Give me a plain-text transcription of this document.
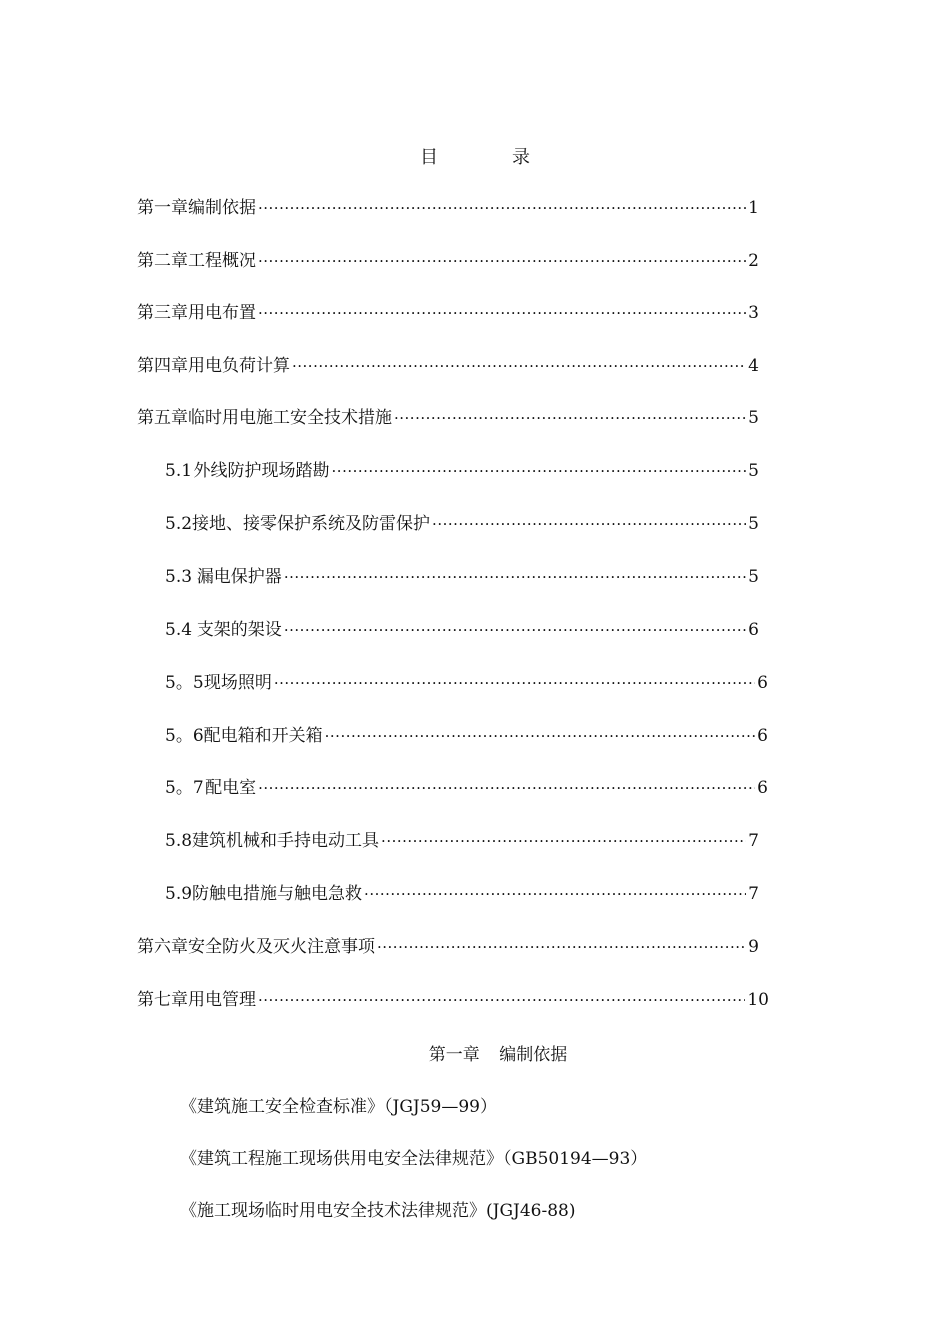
目　录
第一章 编制依据 ·····	1
第二章 工程概况 ·····	2
第三章 用电布置 ·····	3
第四章 用电负荷计算 ·····	4
第五章 临时用电施工安全技术措施 ·····	5
5.1 外线防护现场踏勘 ·····	5
5.2 接地、接零保护系统及防雷保护 ·····	5
5.3 漏电保护器 ·····	5
5.4 支架的架设 ·····	6
5。5 现场照明 ·····	6
5。6 配电箱和开关箱 ·····	6
5。7 配电室 ·····	6
5.8 建筑机械和手持电动工具 ·····	7
5.9 防触电措施与触电急救 ·····	7
第六章 安全防火及灭火注意事项 ·····	9
第七章 用电管理 ·····	10
第一章 编制依据
《建筑施工安全检查标准》（JGJ59—99）
《建筑工程施工现场供用电安全法律规范》（GB50194—93）
《施工现场临时用电安全技术法律规范》(JGJ46-88)
